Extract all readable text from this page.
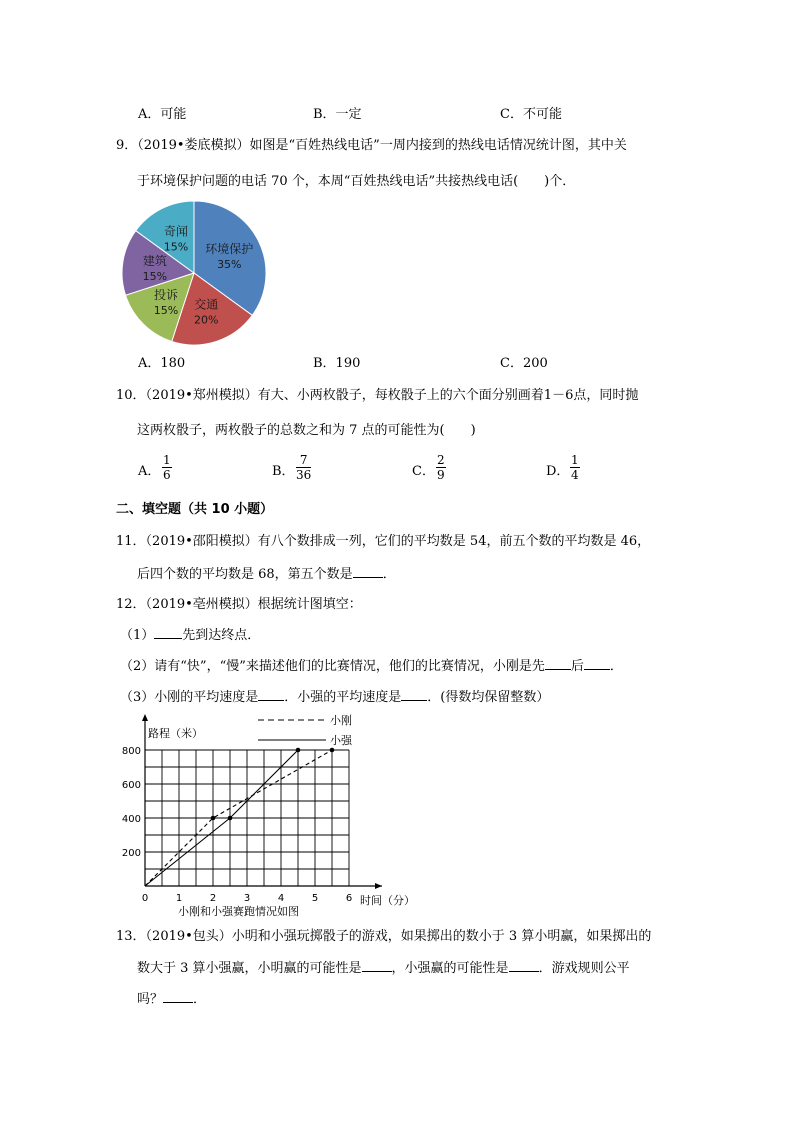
A．可能	B．一定	C．不可能
9．（2019•娄底模拟）如图是“百姓热线电话”一周内接到的热线电话情况统计图，其中关
于环境保护问题的电话 70 个，本周“百姓热线电话”共接热线电话(　　)个．
环境保护
35%
交通
20%
投诉
15%
建筑
15%
奇闻
15%
A．180	B．190	C．200
10．（2019•郑州模拟）有大、小两枚骰子，每枚骰子上的六个面分别画着1－6点，同时抛
这两枚骰子，两枚骰子的总数之和为 7 点的可能性为(　　)
A． $\frac{1}{6}$	B． $\frac{7}{36}$	C． $\frac{2}{9}$	D． $\frac{1}{4}$
二、填空题（共 10 小题）
11．（2019•邵阳模拟）有八个数排成一列，它们的平均数是 54，前五个数的平均数是 46，
后四个数的平均数是 68，第五个数是 ．
12．（2019•亳州模拟）根据统计图填空：
（1） 先到达终点．
（2）请有“快”，“慢”来描述他们的比赛情况，他们的比赛情况，小刚是先 后 ．
（3）小刚的平均速度是 ．小强的平均速度是 ．(得数均保留整数）
0	1	2	3	4	5	6
200
400
600
800
路程（米）
时间（分）
小刚和小强赛跑情况如图
小刚
小强
13．（2019•包头）小明和小强玩掷骰子的游戏，如果掷出的数小于 3 算小明赢，如果掷出的
数大于 3 算小强赢，小明赢的可能性是 ，小强赢的可能性是 ．游戏规则公平
吗？ ．
